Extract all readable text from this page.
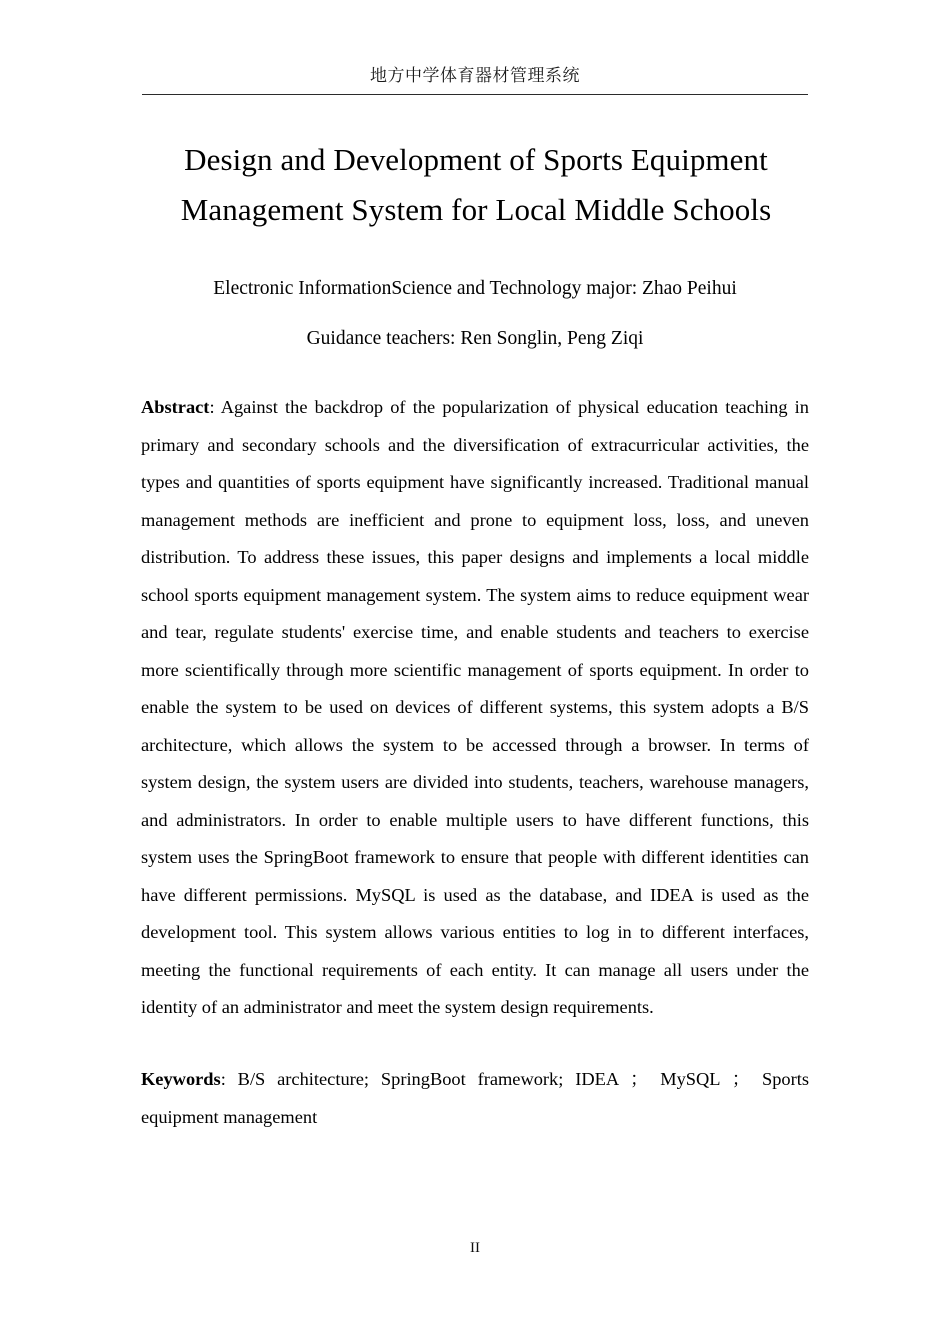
地方中学体育器材管理系统
Design and Development of Sports Equipment Management System for Local Middle Schools
Electronic InformationScience and Technology major: Zhao Peihui
Guidance teachers: Ren Songlin, Peng Ziqi

Abstract: Against the backdrop of the popularization of physical education teaching in primary and secondary schools and the diversification of extracurricular activities, the types and quantities of sports equipment have significantly increased. Traditional manual management methods are inefficient and prone to equipment loss, loss, and uneven distribution. To address these issues, this paper designs and implements a local middle school sports equipment management system. The system aims to reduce equipment wear and tear, regulate students' exercise time, and enable students and teachers to exercise more scientifically through more scientific management of sports equipment. In order to enable the system to be used on devices of different systems, this system adopts a B/S architecture, which allows the system to be accessed through a browser. In terms of system design, the system users are divided into students, teachers, warehouse managers, and administrators. In order to enable multiple users to have different functions, this system uses the SpringBoot framework to ensure that people with different identities can have different permissions. MySQL is used as the database, and IDEA is used as the development tool. This system allows various entities to log in to different interfaces, meeting the functional requirements of each entity. It can manage all users under the identity of an administrator and meet the system design requirements.

Keywords: B/S architecture; SpringBoot framework; IDEA ； MySQL ； Sports equipment management

II
